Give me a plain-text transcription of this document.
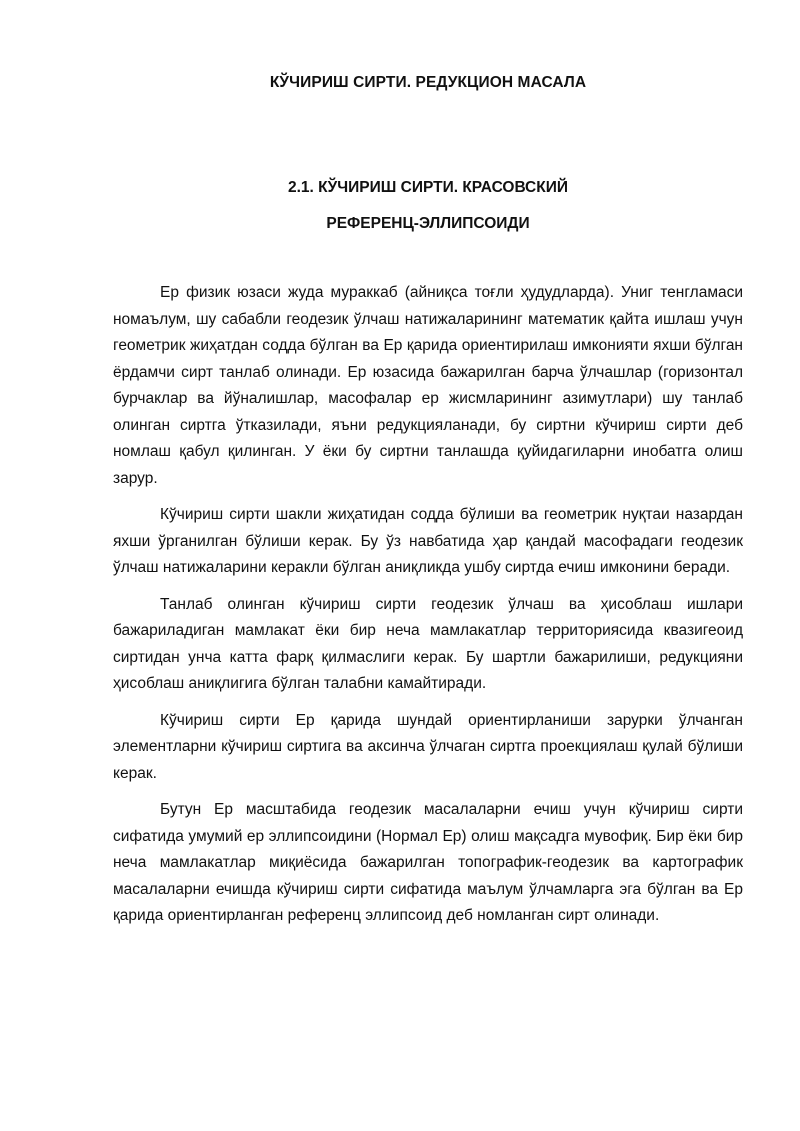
КЎЧИРИШ СИРТИ. РЕДУКЦИОН МАСАЛА
2.1. КЎЧИРИШ СИРТИ. КРАСОВСКИЙ
РЕФЕРЕНЦ-ЭЛЛИПСОИДИ

Ер физик юзаси жуда мураккаб (айниқса тоғли ҳудудларда). Униг тенгламаси номаълум, шу сабабли геодезик ўлчаш натижаларининг математик қайта ишлаш учун геометрик жиҳатдан содда бўлган ва Ер қарида ориентирилаш имконияти яхши бўлган ёрдамчи сирт танлаб олинади. Ер юзасида бажарилган барча ўлчашлар (горизонтал бурчаклар ва йўналишлар, масофалар ер жисмларининг азимутлари) шу танлаб олинган сиртга ўтказилади, яъни редукцияланади, бу сиртни кўчириш сирти деб номлаш қабул қилинган. У ёки бу сиртни танлашда қуйидагиларни инобатга олиш зарур.

Кўчириш сирти шакли жиҳатидан содда бўлиши ва геометрик нуқтаи назардан яхши ўрганилган бўлиши керак. Бу ўз навбатида ҳар қандай масофадаги геодезик ўлчаш натижаларини керакли бўлган аниқликда ушбу сиртда ечиш имконини беради.

Танлаб олинган кўчириш сирти геодезик ўлчаш ва ҳисоблаш ишлари бажариладиган мамлакат ёки бир неча мамлакатлар территориясида квазигеоид сиртидан унча катта фарқ қилмаслиги керак. Бу шартли бажарилиши, редукцияни ҳисоблаш аниқлигига бўлган талабни камайтиради.

Кўчириш сирти Ер қарида шундай ориентирланиши зарурки ўлчанган элементларни кўчириш сиртига ва аксинча ўлчаган сиртга проекциялаш қулай бўлиши керак.

Бутун Ер масштабида геодезик масалаларни ечиш учун кўчириш сирти сифатида умумий ер эллипсоидини (Нормал Ер) олиш мақсадга мувофиқ. Бир ёки бир неча мамлакатлар миқиёсида бажарилган топографик-геодезик ва картографик масалаларни ечишда кўчириш сирти сифатида маълум ўлчамларга эга бўлган ва Ер қарида ориентирланган референц эллипсоид деб номланган сирт олинади.
